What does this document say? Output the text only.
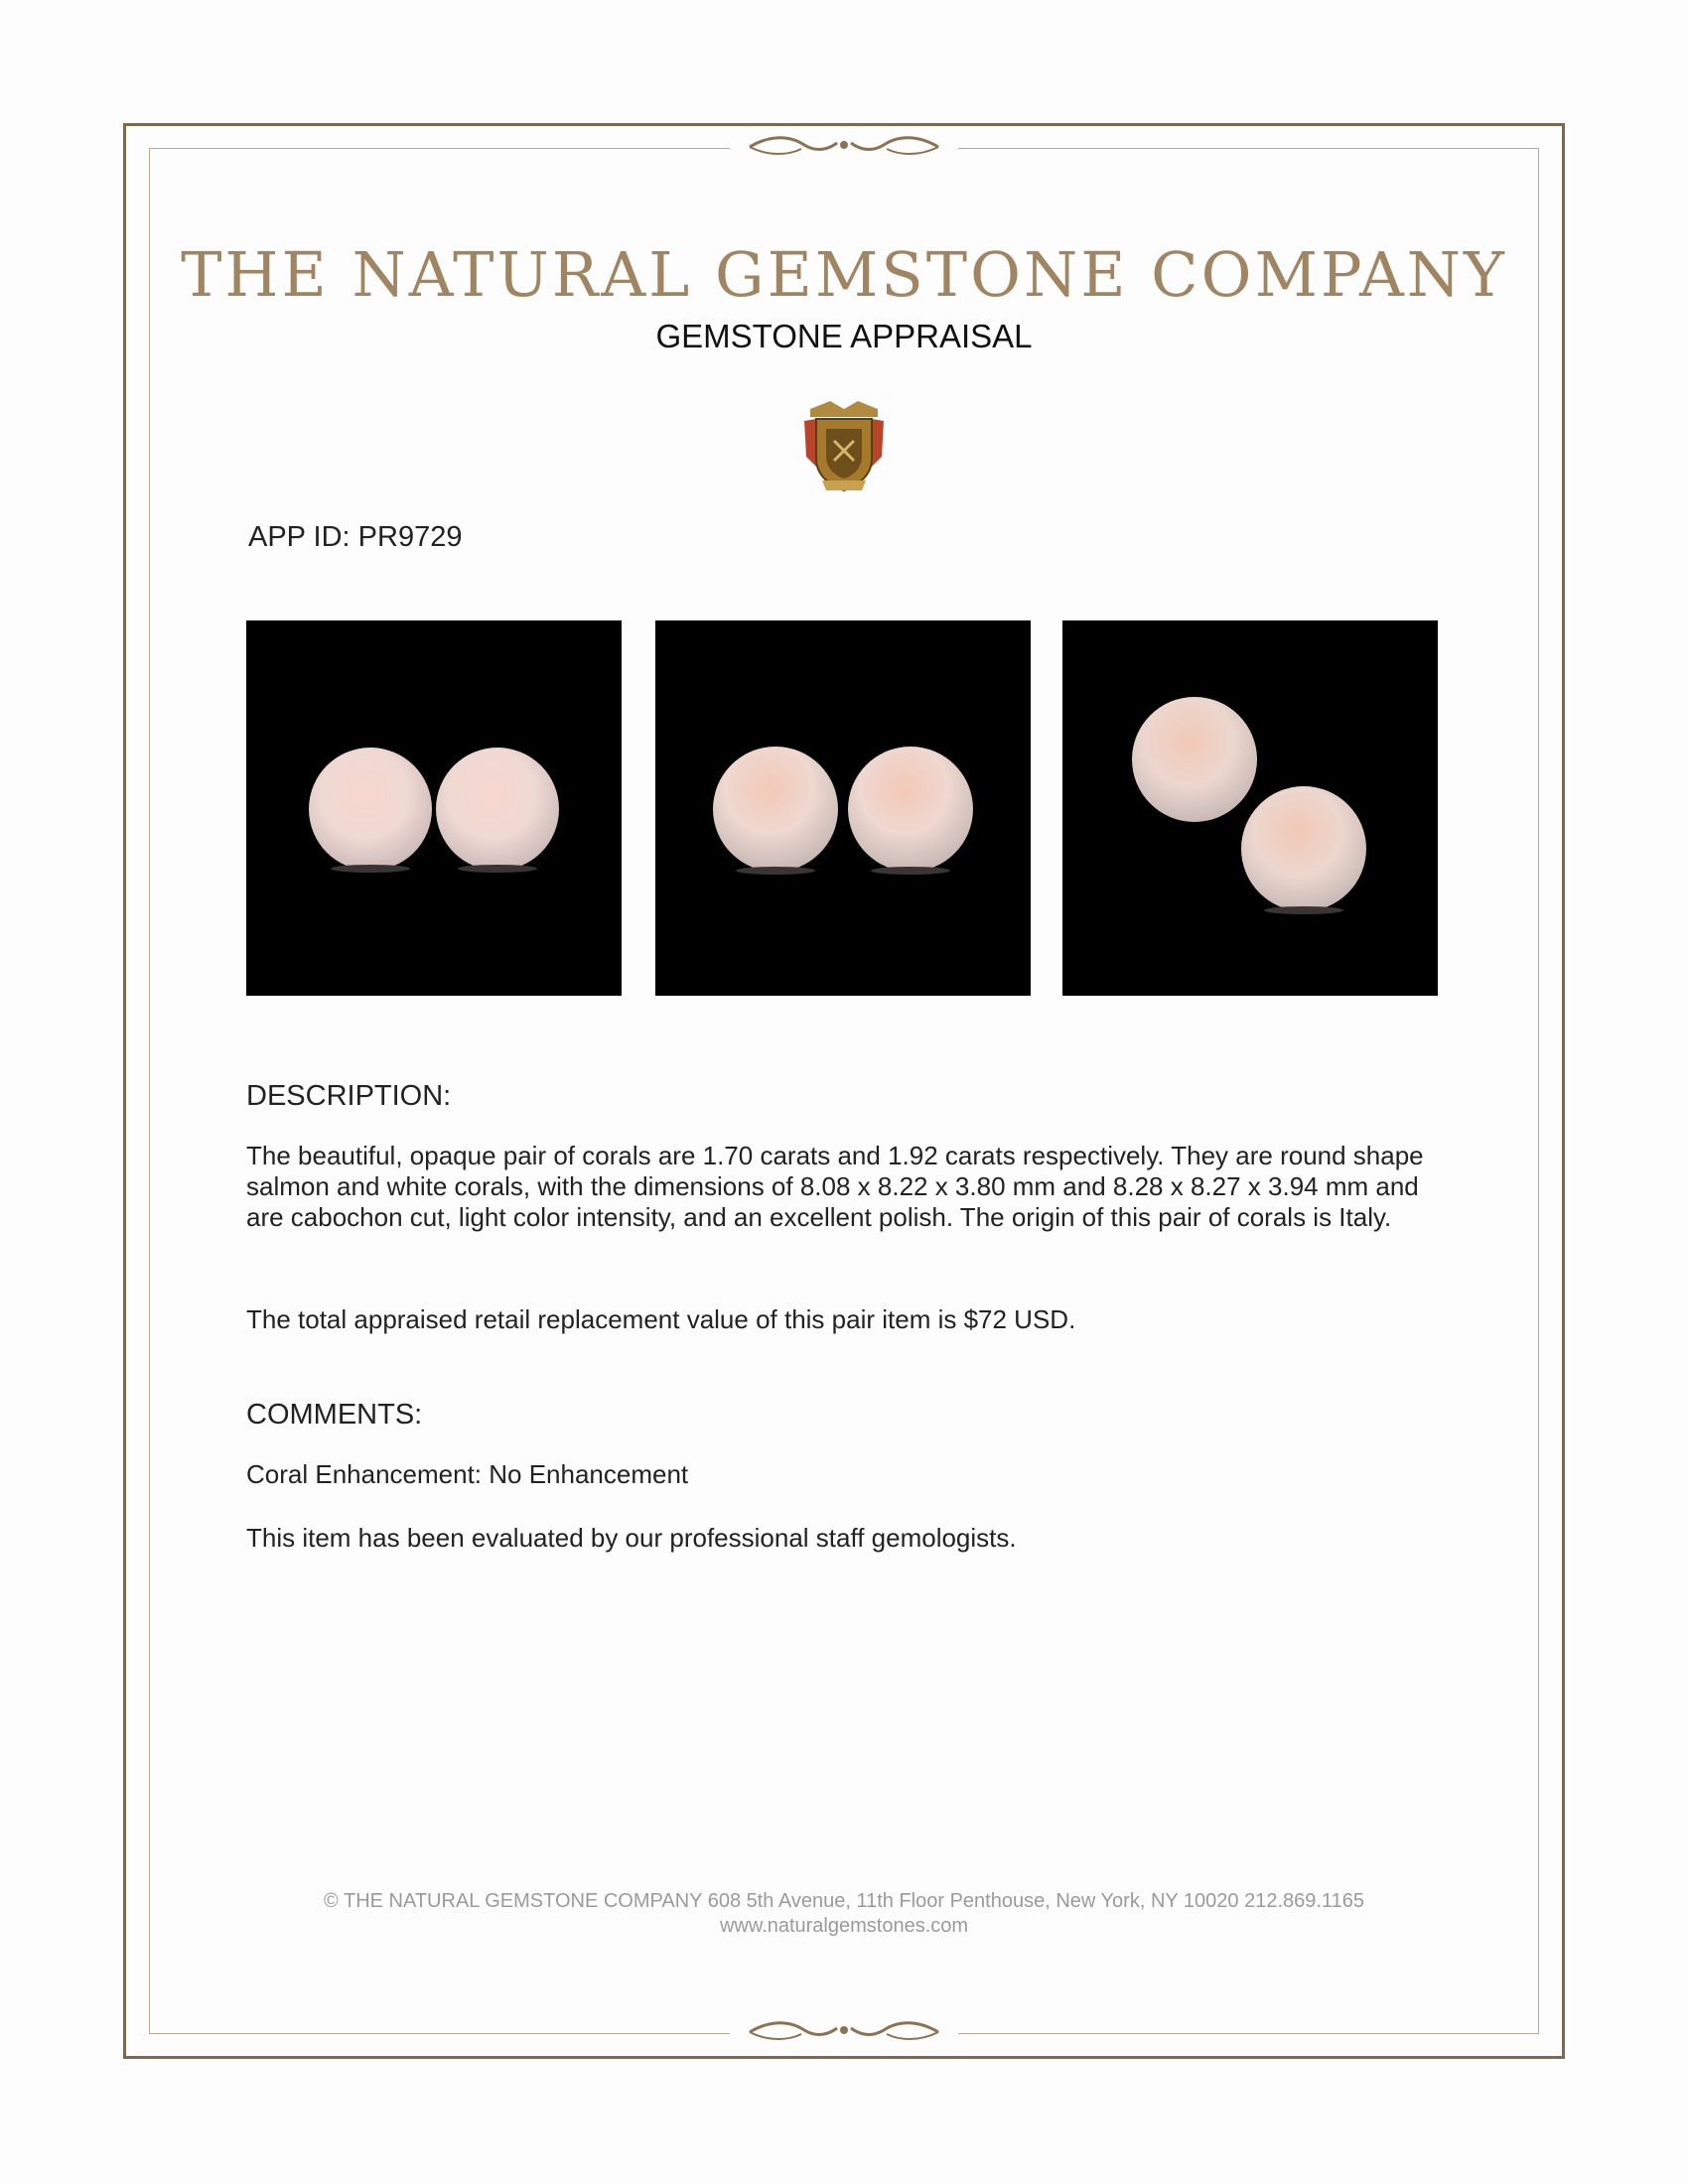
THE NATURAL GEMSTONE COMPANY
GEMSTONE APPRAISAL
APP ID: PR9729
DESCRIPTION:
The beautiful, opaque pair of corals are 1.70 carats and 1.92 carats respectively. They are round shape salmon and white corals, with the dimensions of 8.08 x 8.22 x 3.80 mm and 8.28 x 8.27 x 3.94 mm and are cabochon cut, light color intensity, and an excellent polish. The origin of this pair of corals is Italy.
The total appraised retail replacement value of this pair item is $72 USD.
COMMENTS:
Coral Enhancement: No Enhancement
This item has been evaluated by our professional staff gemologists.
© THE NATURAL GEMSTONE COMPANY 608 5th Avenue, 11th Floor Penthouse, New York, NY 10020 212.869.1165
www.naturalgemstones.com
